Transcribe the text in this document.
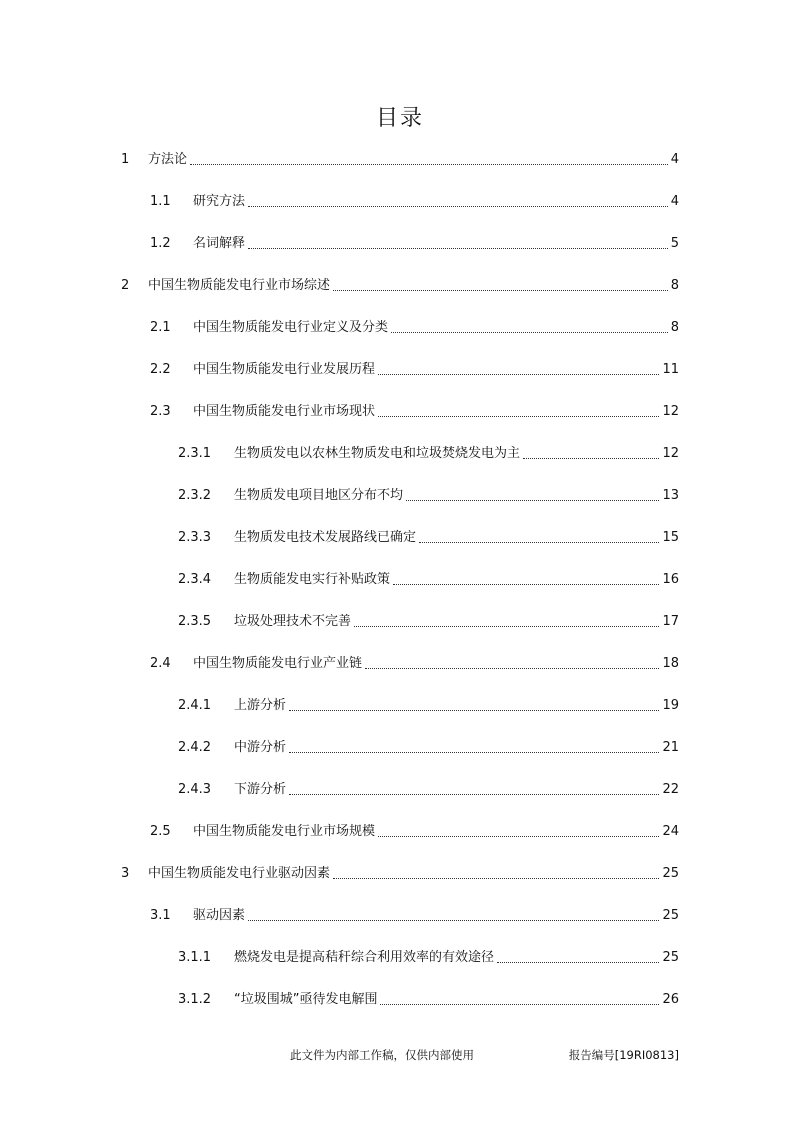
目录
1	方法论	4
1.1	研究方法	4
1.2	名词解释	5
2	中国生物质能发电行业市场综述	8
2.1	中国生物质能发电行业定义及分类	8
2.2	中国生物质能发电行业发展历程	11
2.3	中国生物质能发电行业市场现状	12
2.3.1	生物质发电以农林生物质发电和垃圾焚烧发电为主	12
2.3.2	生物质发电项目地区分布不均	13
2.3.3	生物质发电技术发展路线已确定	15
2.3.4	生物质能发电实行补贴政策	16
2.3.5	垃圾处理技术不完善	17
2.4	中国生物质能发电行业产业链	18
2.4.1	上游分析	19
2.4.2	中游分析	21
2.4.3	下游分析	22
2.5	中国生物质能发电行业市场规模	24
3	中国生物质能发电行业驱动因素	25
3.1	驱动因素	25
3.1.1	燃烧发电是提高秸秆综合利用效率的有效途径	25
3.1.2	“垃圾围城”亟待发电解围	26
此文件为内部工作稿，仅供内部使用	报告编号[19RI0813]
